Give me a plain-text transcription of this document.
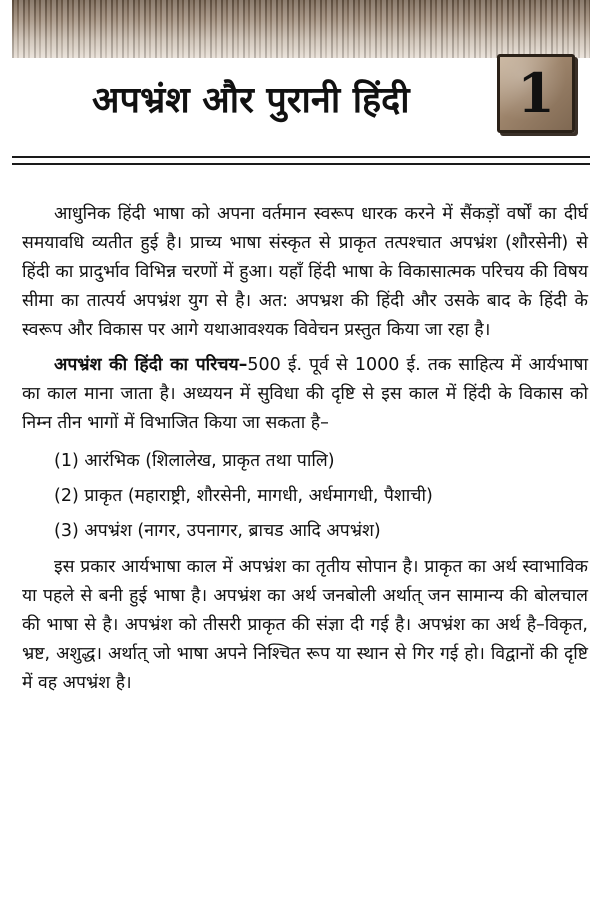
अपभ्रंश और पुरानी हिंदी	1

आधुनिक हिंदी भाषा को अपना वर्तमान स्वरूप धारक करने में सैंकड़ों वर्षों का दीर्घ समयावधि व्यतीत हुई है। प्राच्य भाषा संस्कृत से प्राकृत तत्पश्चात अपभ्रंश (शौरसेनी) से हिंदी का प्रादुर्भाव विभिन्न चरणों में हुआ। यहाँ हिंदी भाषा के विकासात्मक परिचय की विषय सीमा का तात्पर्य अपभ्रंश युग से है। अत: अपभ्रश की हिंदी और उसके बाद के हिंदी के स्वरूप और विकास पर आगे यथाआवश्यक विवेचन प्रस्तुत किया जा रहा है।

अपभ्रंश की हिंदी का परिचय–500 ई. पूर्व से 1000 ई. तक साहित्य में आर्यभाषा का काल माना जाता है। अध्ययन में सुविधा की दृष्टि से इस काल में हिंदी के विकास को निम्न तीन भागों में विभाजित किया जा सकता है–

(1) आरंभिक (शिलालेख, प्राकृत तथा पालि)
(2) प्राकृत (महाराष्ट्री, शौरसेनी, मागधी, अर्धमागधी, पैशाची)
(3) अपभ्रंश (नागर, उपनागर, ब्राचड आदि अपभ्रंश)

इस प्रकार आर्यभाषा काल में अपभ्रंश का तृतीय सोपान है। प्राकृत का अर्थ स्वाभाविक या पहले से बनी हुई भाषा है। अपभ्रंश का अर्थ जनबोली अर्थात् जन सामान्य की बोलचाल की भाषा से है। अपभ्रंश को तीसरी प्राकृत की संज्ञा दी गई है। अपभ्रंश का अर्थ है–विकृत, भ्रष्ट, अशुद्ध। अर्थात् जो भाषा अपने निश्चित रूप या स्थान से गिर गई हो। विद्वानों की दृष्टि में वह अपभ्रंश है।
